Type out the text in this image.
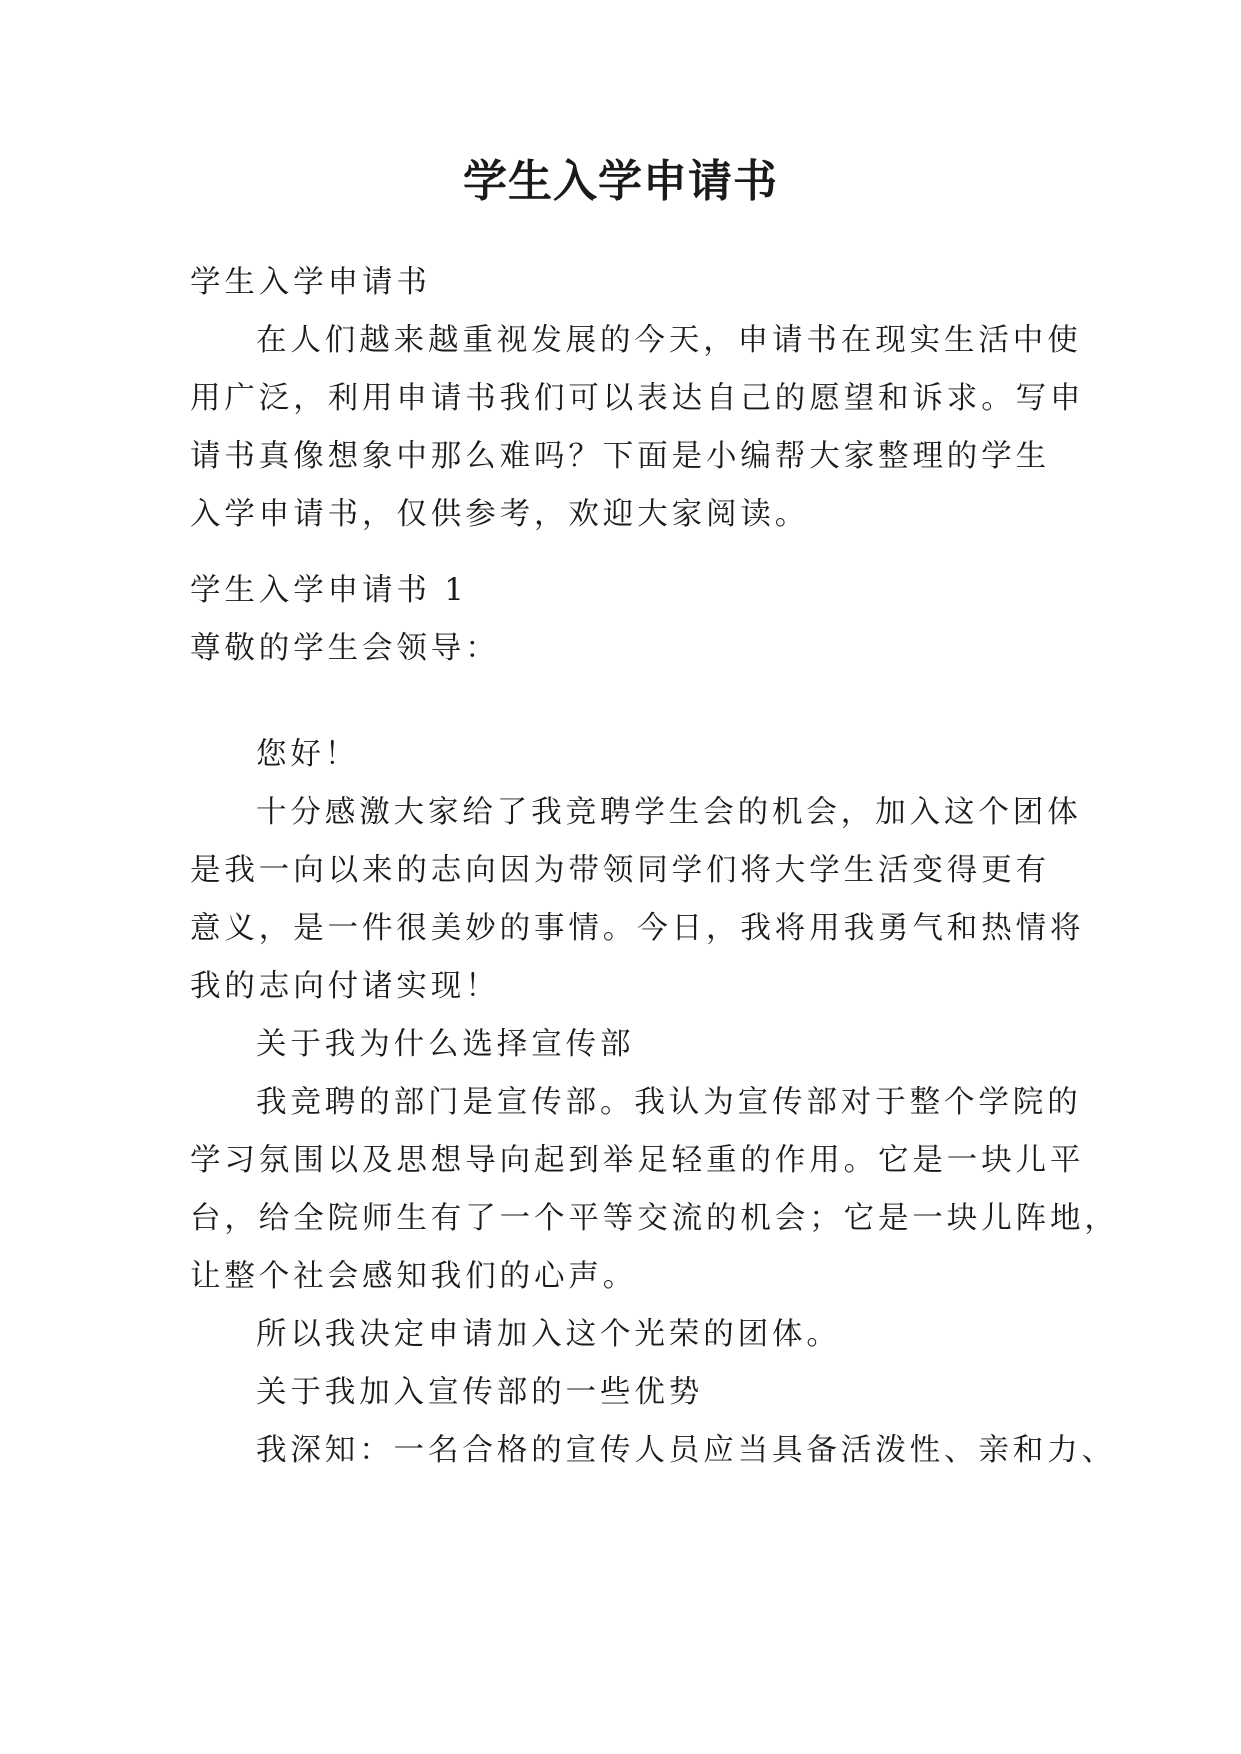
学生入学申请书

学生入学申请书

在人们越来越重视发展的今天，申请书在现实生活中使
用广泛，利用申请书我们可以表达自己的愿望和诉求。写申
请书真像想象中那么难吗？下面是小编帮大家整理的学生
入学申请书，仅供参考，欢迎大家阅读。

学生入学申请书 1

尊敬的学生会领导：

您好！

十分感激大家给了我竞聘学生会的机会，加入这个团体
是我一向以来的志向因为带领同学们将大学生活变得更有
意义，是一件很美妙的事情。今日，我将用我勇气和热情将
我的志向付诸实现！

关于我为什么选择宣传部

我竞聘的部门是宣传部。我认为宣传部对于整个学院的
学习氛围以及思想导向起到举足轻重的作用。它是一块儿平
台，给全院师生有了一个平等交流的机会；它是一块儿阵地，
让整个社会感知我们的心声。

所以我决定申请加入这个光荣的团体。

关于我加入宣传部的一些优势

我深知：一名合格的宣传人员应当具备活泼性、亲和力、
